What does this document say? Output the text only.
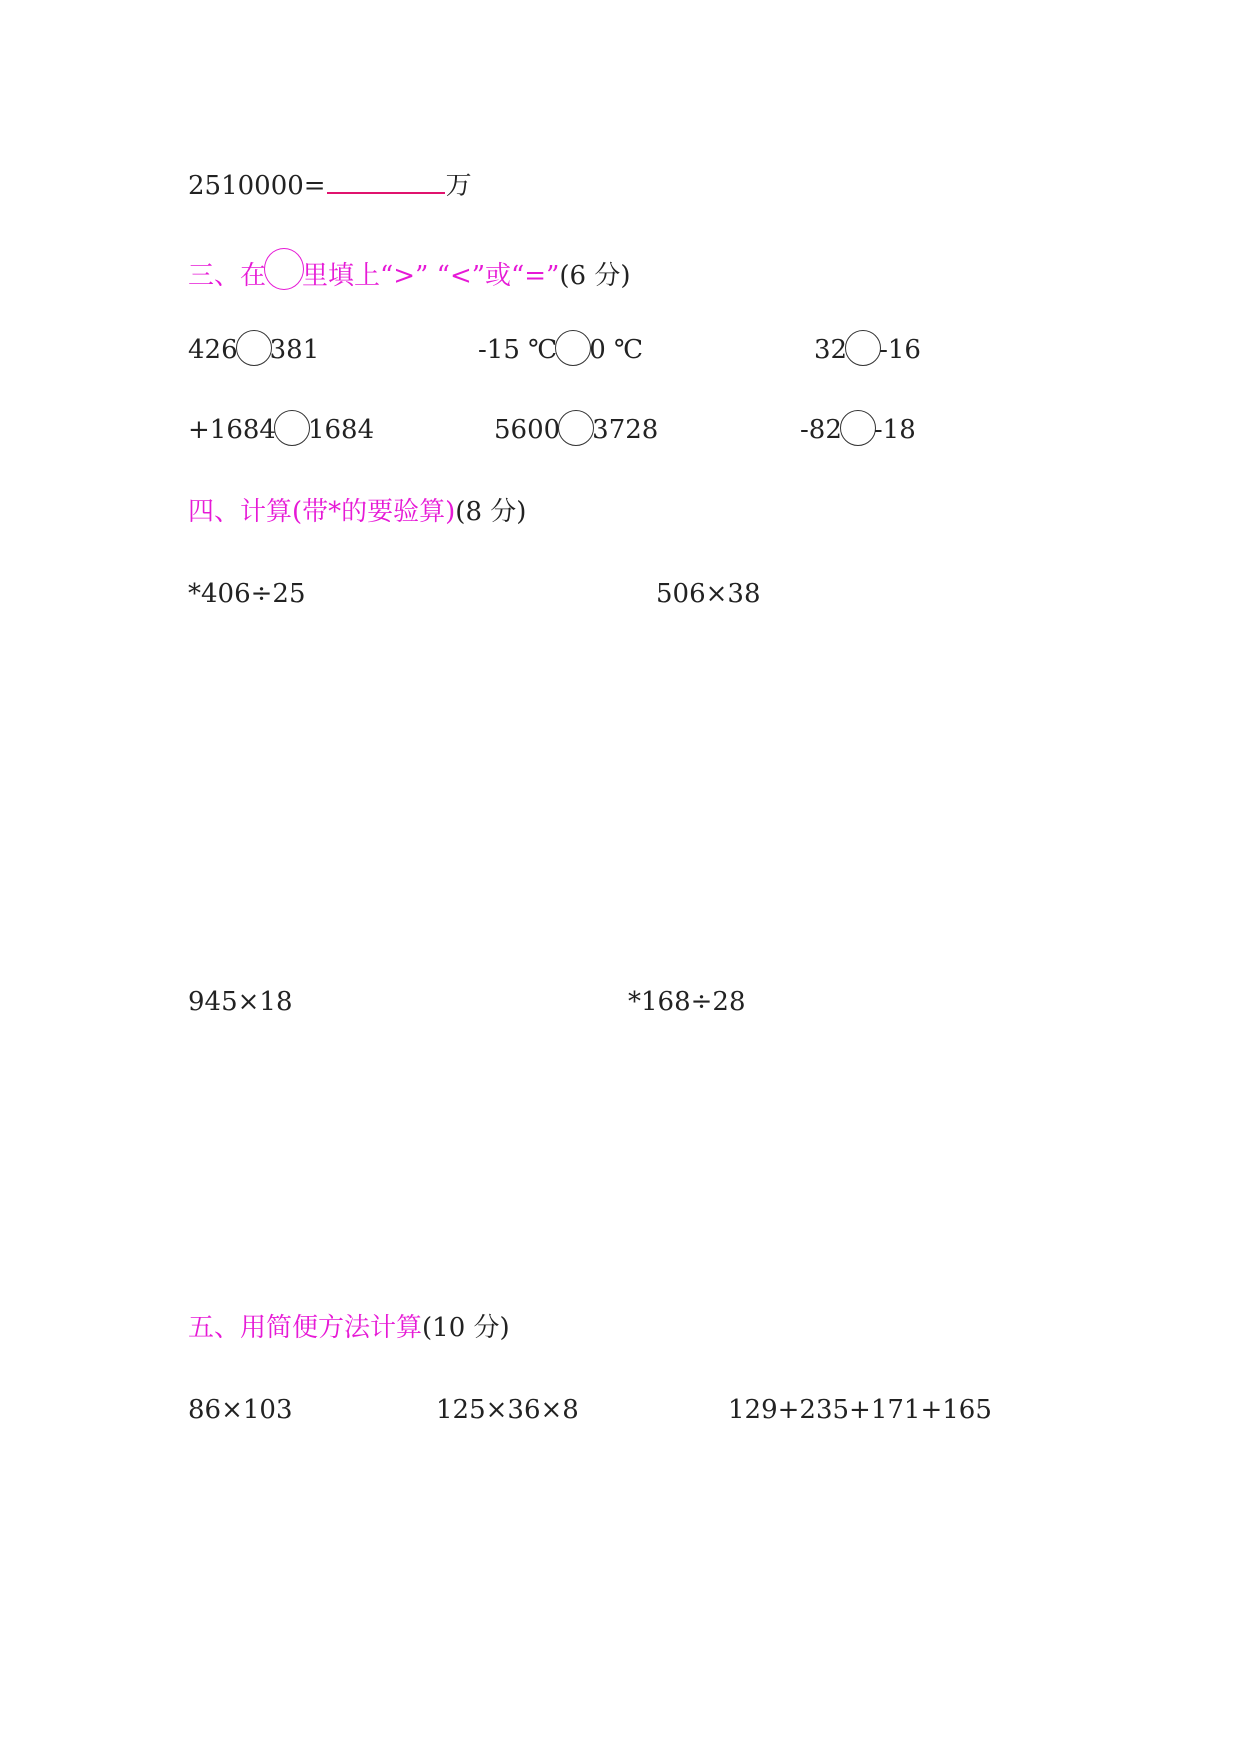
2510000=	万
三、在 里填上“>” “<”或“=”(6 分)
426 381	-15 ℃ 0 ℃	32 -16
+1684 1684	5600 3728	-82 -18
四、计算(带*的要验算)(8 分)
*406÷25	506×38
945×18	*168÷28
五、用简便方法计算(10 分)
86×103	125×36×8	129+235+171+165
